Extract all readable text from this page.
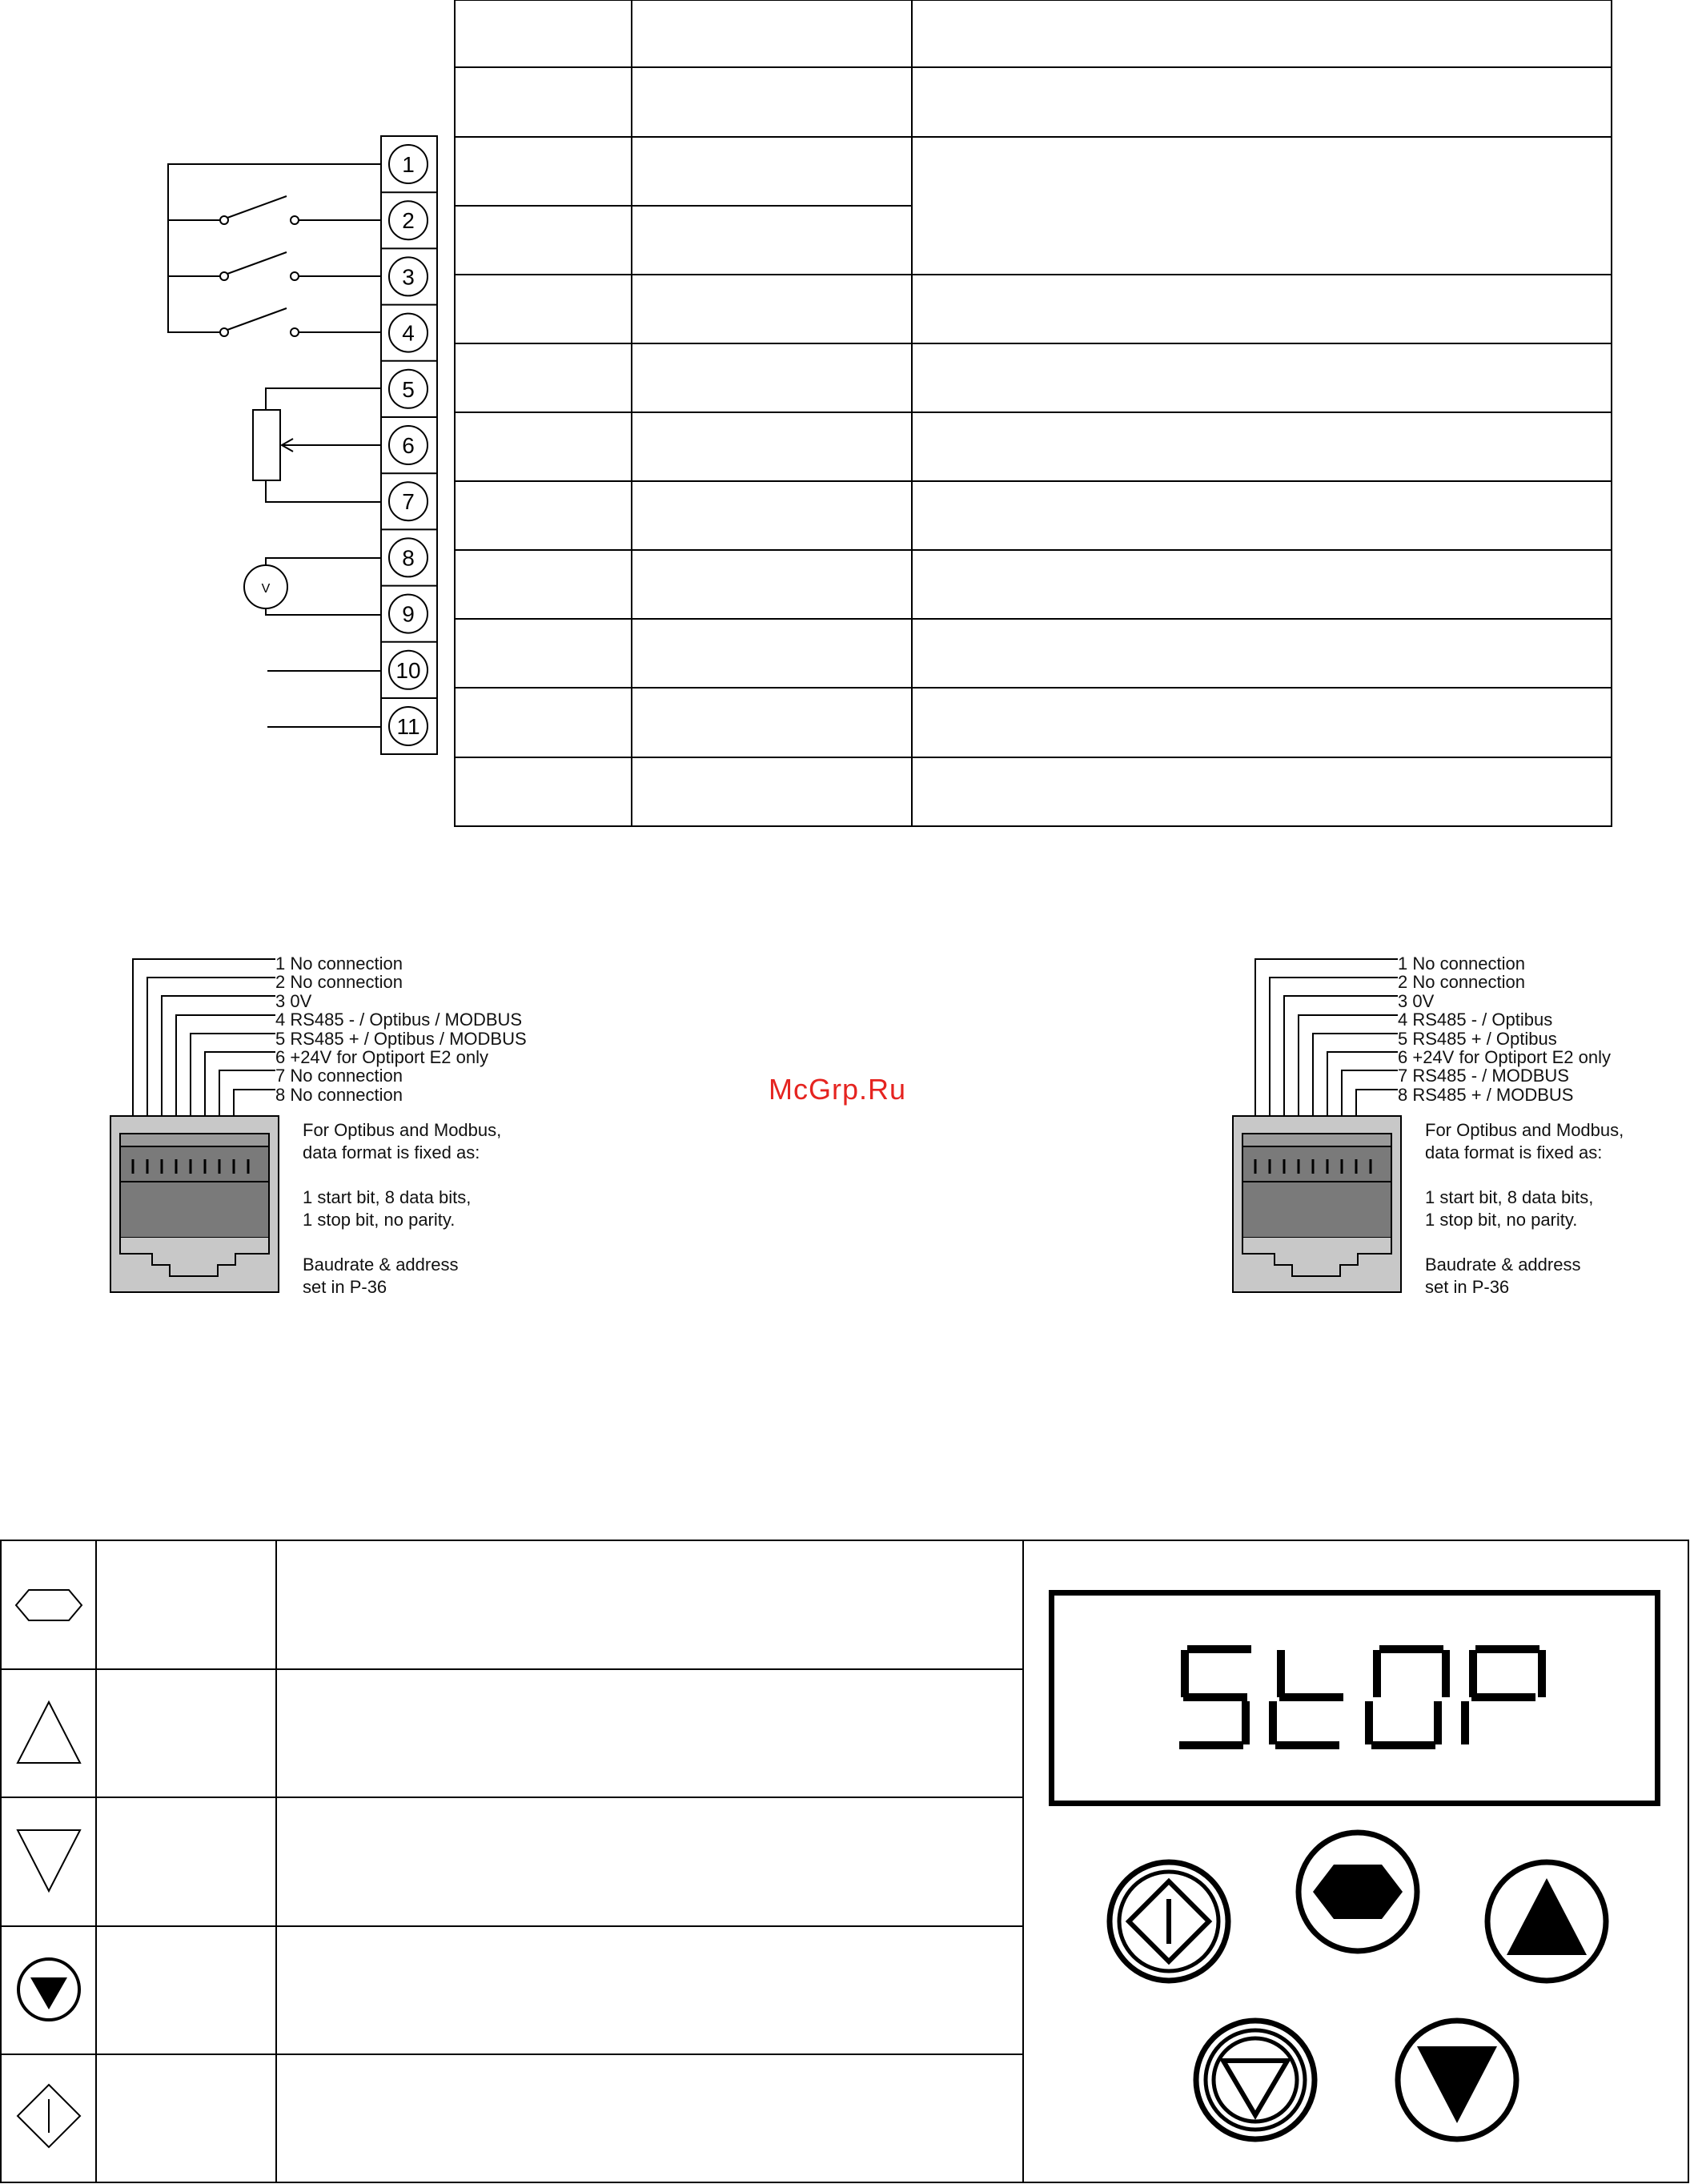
1
2
3
4
5
6
7
8
9
10
11
V
1 No connection
2 No connection
3 0V
4 RS485 - / Optibus / MODBUS
5 RS485 + / Optibus / MODBUS
6 +24V for Optiport E2 only
7 No connection
8 No connection
For Optibus and Modbus,
data format is fixed as:
1 start bit, 8 data bits,
1 stop bit, no parity.
Baudrate & address
set in P-36
1 No connection
2 No connection
3 0V
4 RS485 - / Optibus
5 RS485 + / Optibus
6 +24V for Optiport E2 only
7 RS485 - / MODBUS
8 RS485 + / MODBUS
For Optibus and Modbus,
data format is fixed as:
1 start bit, 8 data bits,
1 stop bit, no parity.
Baudrate & address
set in P-36
McGrp.Ru
